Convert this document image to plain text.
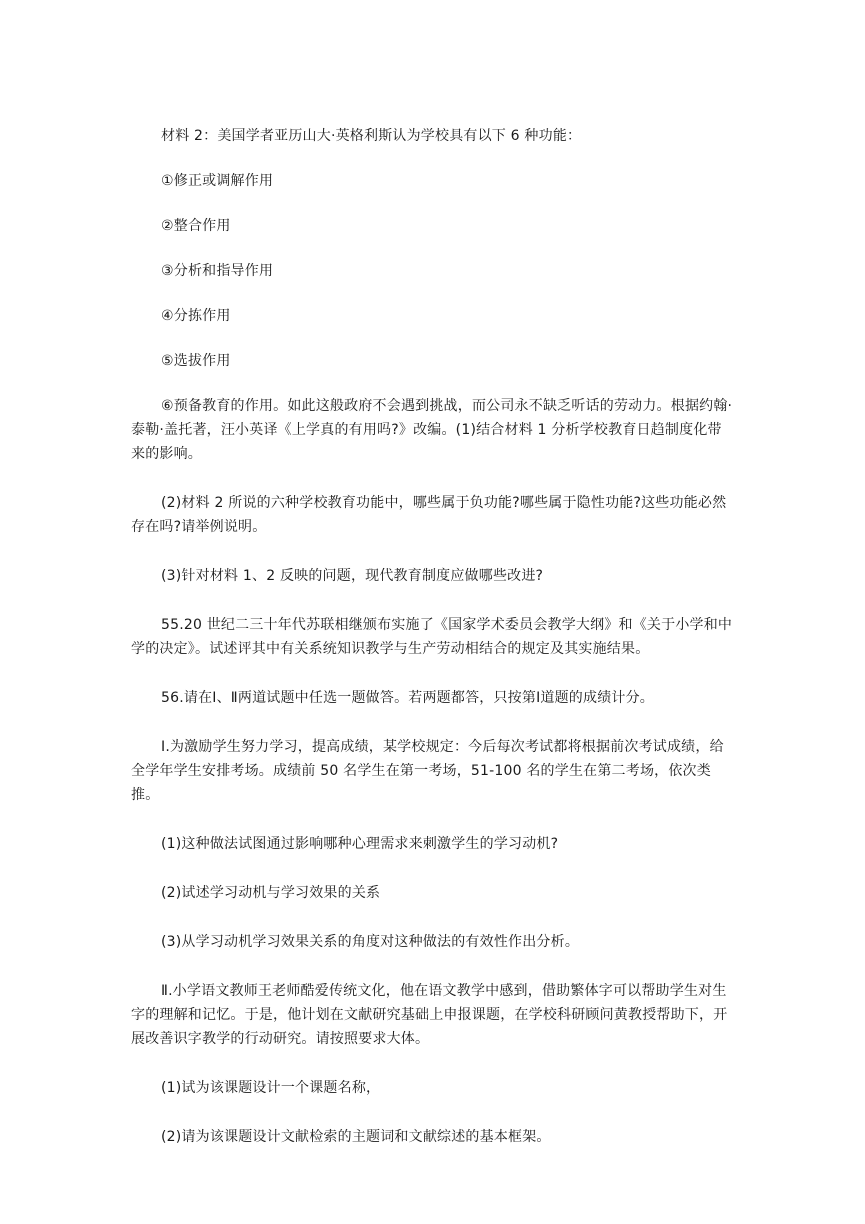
材料 2：美国学者亚历山大·英格利斯认为学校具有以下 6 种功能：

①修正或调解作用

②整合作用

③分析和指导作用

④分拣作用

⑤选拔作用

⑥预备教育的作用。如此这般政府不会遇到挑战，而公司永不缺乏听话的劳动力。根据约翰·泰勒·盖托著，汪小英译《上学真的有用吗?》改编。(1)结合材料 1 分析学校教育日趋制度化带来的影响。

(2)材料 2 所说的六种学校教育功能中，哪些属于负功能?哪些属于隐性功能?这些功能必然存在吗?请举例说明。

(3)针对材料 1、2 反映的问题，现代教育制度应做哪些改进?

55.20 世纪二三十年代苏联相继颁布实施了《国家学术委员会教学大纲》和《关于小学和中学的决定》。试述评其中有关系统知识教学与生产劳动相结合的规定及其实施结果。

56.请在Ⅰ、Ⅱ两道试题中任选一题做答。若两题都答，只按第Ⅰ道题的成绩计分。

Ⅰ.为激励学生努力学习，提高成绩，某学校规定：今后每次考试都将根据前次考试成绩，给全学年学生安排考场。成绩前 50 名学生在第一考场，51-100 名的学生在第二考场，依次类推。

(1)这种做法试图通过影响哪种心理需求来刺激学生的学习动机?

(2)试述学习动机与学习效果的关系

(3)从学习动机学习效果关系的角度对这种做法的有效性作出分析。

Ⅱ.小学语文教师王老师酷爱传统文化，他在语文教学中感到，借助繁体字可以帮助学生对生字的理解和记忆。于是，他计划在文献研究基础上申报课题，在学校科研顾问黄教授帮助下，开展改善识字教学的行动研究。请按照要求大体。

(1)试为该课题设计一个课题名称，

(2)请为该课题设计文献检索的主题词和文献综述的基本框架。
